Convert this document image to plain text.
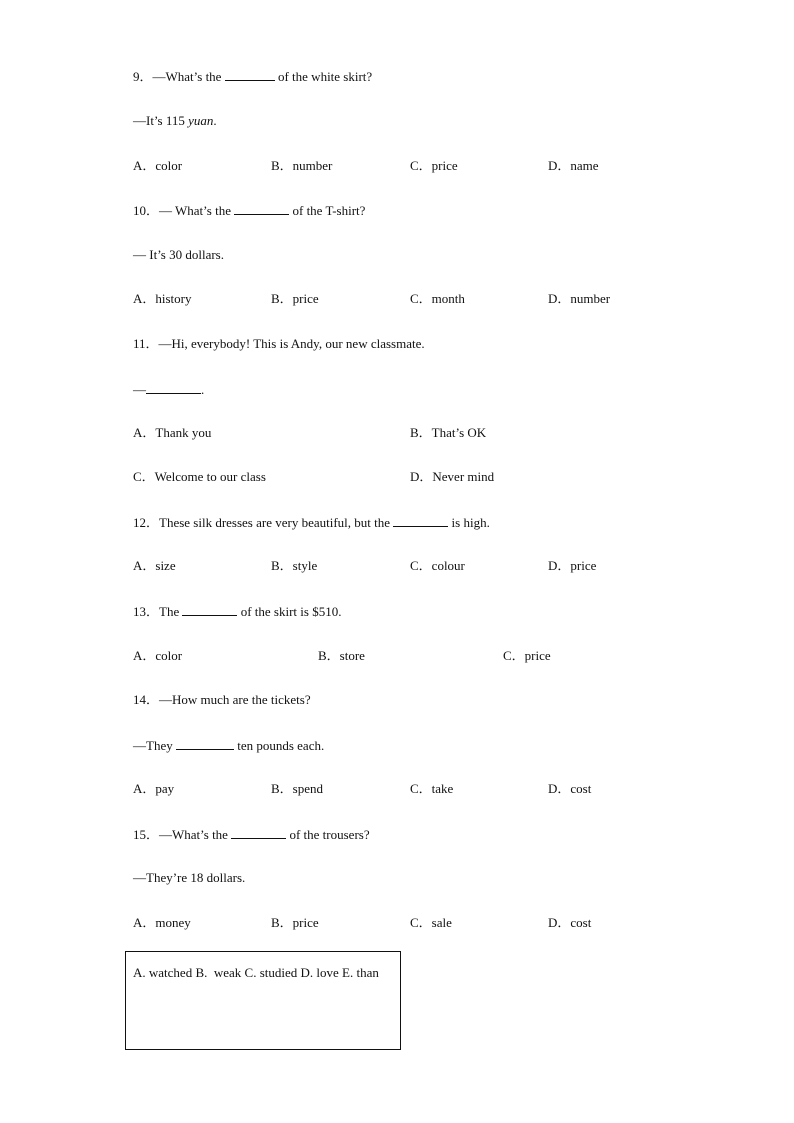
9．—What’s the	of the white skirt?
—It’s 115 yuan.
A．color	B．number	C．price	D．name
10．— What’s the	of the T-shirt?
— It’s 30 dollars.
A．history	B．price	C．month	D．number
11．—Hi, everybody! This is Andy, our new classmate.
—	.
A．Thank you	B．That’s OK
C．Welcome to our class	D．Never mind
12．These silk dresses are very beautiful, but the	is high.
A．size	B．style	C．colour	D．price
13．The	of the skirt is $510.
A．color	B．store	C．price
14．—How much are the tickets?
—They	ten pounds each.
A．pay	B．spend	C．take	D．cost
15．—What’s the	of the trousers?
—They’re 18 dollars.
A．money	B．price	C．sale	D．cost
A. watched B.  weak C. studied D. love E. than
